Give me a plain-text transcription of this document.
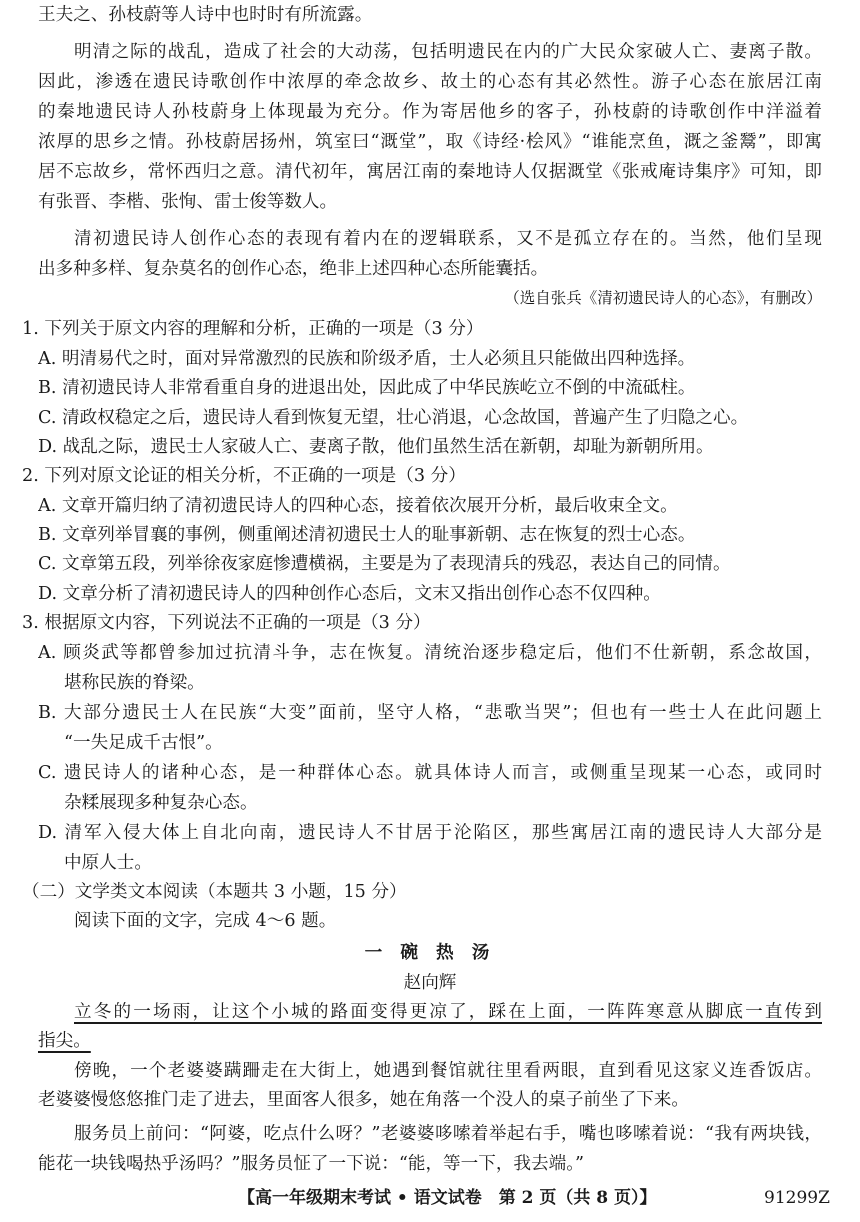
王夫之、孙枝蔚等人诗中也时时有所流露。
明清之际的战乱，造成了社会的大动荡，包括明遗民在内的广大民众家破人亡、妻离子散。
因此，渗透在遗民诗歌创作中浓厚的牵念故乡、故土的心态有其必然性。游子心态在旅居江南
的秦地遗民诗人孙枝蔚身上体现最为充分。作为寄居他乡的客子，孙枝蔚的诗歌创作中洋溢着
浓厚的思乡之情。孙枝蔚居扬州，筑室曰“溉堂”，取《诗经·桧风》“谁能烹鱼，溉之釜鬵”，即寓
居不忘故乡，常怀西归之意。清代初年，寓居江南的秦地诗人仅据溉堂《张戒庵诗集序》可知，即
有张晋、李楷、张恂、雷士俊等数人。
清初遗民诗人创作心态的表现有着内在的逻辑联系，又不是孤立存在的。当然，他们呈现
出多种多样、复杂莫名的创作心态，绝非上述四种心态所能囊括。
（选自张兵《清初遗民诗人的心态》，有删改）
1. 下列关于原文内容的理解和分析，正确的一项是（3 分）
A. 明清易代之时，面对异常激烈的民族和阶级矛盾，士人必须且只能做出四种选择。
B. 清初遗民诗人非常看重自身的进退出处，因此成了中华民族屹立不倒的中流砥柱。
C. 清政权稳定之后，遗民诗人看到恢复无望，壮心消退，心念故国，普遍产生了归隐之心。
D. 战乱之际，遗民士人家破人亡、妻离子散，他们虽然生活在新朝，却耻为新朝所用。
2. 下列对原文论证的相关分析，不正确的一项是（3 分）
A. 文章开篇归纳了清初遗民诗人的四种心态，接着依次展开分析，最后收束全文。
B. 文章列举冒襄的事例，侧重阐述清初遗民士人的耻事新朝、志在恢复的烈士心态。
C. 文章第五段，列举徐夜家庭惨遭横祸，主要是为了表现清兵的残忍，表达自己的同情。
D. 文章分析了清初遗民诗人的四种创作心态后，文末又指出创作心态不仅四种。
3. 根据原文内容，下列说法不正确的一项是（3 分）
A. 顾炎武等都曾参加过抗清斗争，志在恢复。清统治逐步稳定后，他们不仕新朝，系念故国，
堪称民族的脊梁。
B. 大部分遗民士人在民族“大变”面前，坚守人格，“悲歌当哭”；但也有一些士人在此问题上
“一失足成千古恨”。
C. 遗民诗人的诸种心态，是一种群体心态。就具体诗人而言，或侧重呈现某一心态，或同时
杂糅展现多种复杂心态。
D. 清军入侵大体上自北向南，遗民诗人不甘居于沦陷区，那些寓居江南的遗民诗人大部分是
中原人士。
（二）文学类文本阅读（本题共 3 小题，15 分）
阅读下面的文字，完成 4～6 题。
一 碗 热 汤
赵向辉
立冬的一场雨，让这个小城的路面变得更凉了，踩在上面，一阵阵寒意从脚底一直传到
指尖。
傍晚，一个老婆婆蹒跚走在大街上，她遇到餐馆就往里看两眼，直到看见这家义连香饭店。
老婆婆慢悠悠推门走了进去，里面客人很多，她在角落一个没人的桌子前坐了下来。
服务员上前问：“阿婆，吃点什么呀？”老婆婆哆嗦着举起右手，嘴也哆嗦着说：“我有两块钱，
能花一块钱喝热乎汤吗？”服务员怔了一下说：“能，等一下，我去端。”
【高一年级期末考试 • 语文试卷　第 2 页（共 8 页）】	91299Z
